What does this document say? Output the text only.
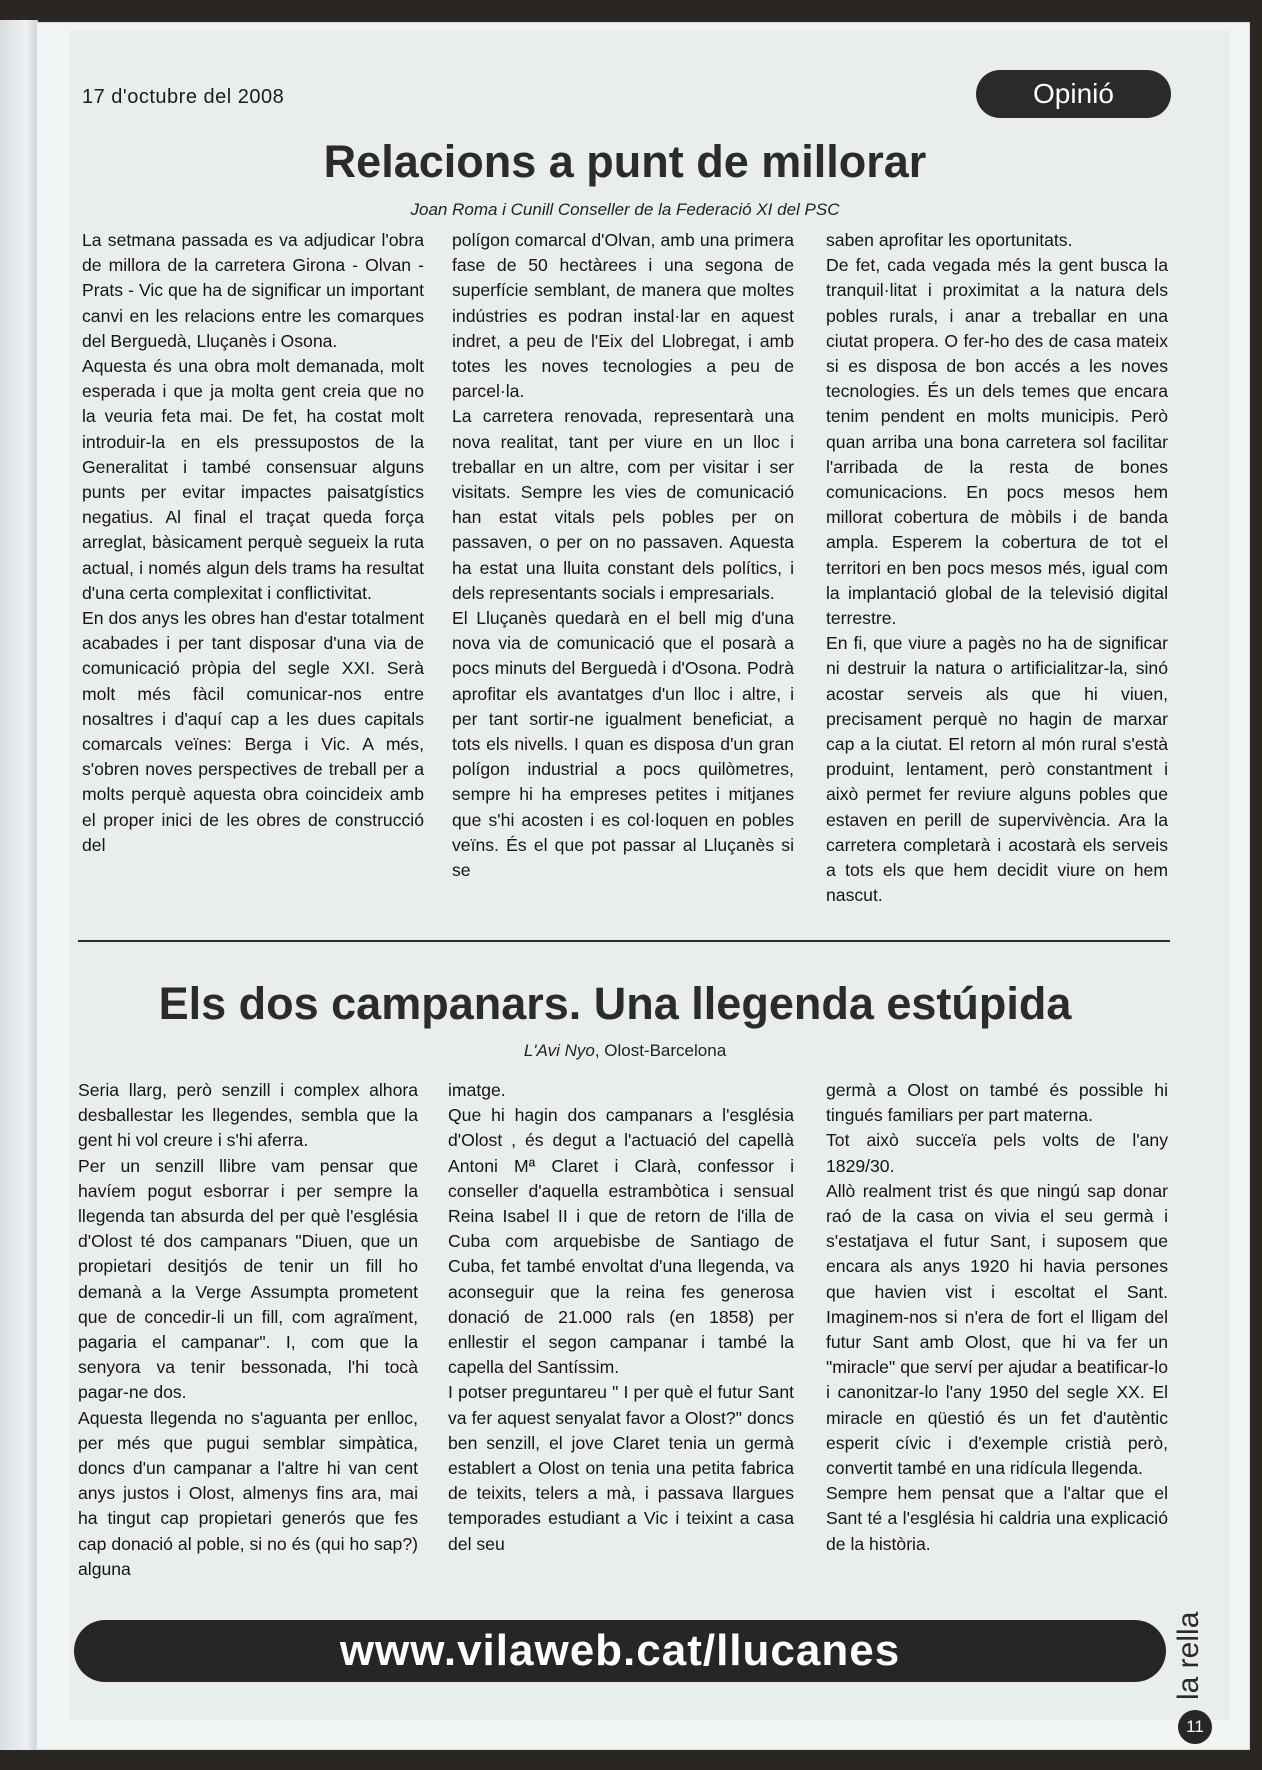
17 d'octubre del 2008	Opinió
Relacions a punt de millorar
Joan Roma i Cunill Conseller de la Federació XI del PSC

La setmana passada es va adjudicar l'obra de millora de la carretera Girona - Olvan - Prats - Vic que ha de significar un important canvi en les relacions entre les comarques del Berguedà, Lluçanès i Osona.

Aquesta és una obra molt demanada, molt esperada i que ja molta gent creia que no la veuria feta mai. De fet, ha costat molt introduir-la en els pressupostos de la Generalitat i també consensuar alguns punts per evitar impactes paisatgístics negatius. Al final el traçat queda força arreglat, bàsicament perquè segueix la ruta actual, i només algun dels trams ha resultat d'una certa complexitat i conflictivitat.

En dos anys les obres han d'estar totalment acabades i per tant disposar d'una via de comunicació pròpia del segle XXI. Serà molt més fàcil comunicar-nos entre nosaltres i d'aquí cap a les dues capitals comarcals veïnes: Berga i Vic. A més, s'obren noves perspectives de treball per a molts perquè aquesta obra coincideix amb el proper inici de les obres de construcció del

polígon comarcal d'Olvan, amb una primera fase de 50 hectàrees i una segona de superfície semblant, de manera que moltes indústries es podran instal·lar en aquest indret, a peu de l'Eix del Llobregat, i amb totes les noves tecnologies a peu de parcel·la.

La carretera renovada, representarà una nova realitat, tant per viure en un lloc i treballar en un altre, com per visitar i ser visitats. Sempre les vies de comunicació han estat vitals pels pobles per on passaven, o per on no passaven. Aquesta ha estat una lluita constant dels polítics, i dels representants socials i empresarials.

El Lluçanès quedarà en el bell mig d'una nova via de comunicació que el posarà a pocs minuts del Berguedà i d'Osona. Podrà aprofitar els avantatges d'un lloc i altre, i per tant sortir-ne igualment beneficiat, a tots els nivells. I quan es disposa d'un gran polígon industrial a pocs quilòmetres, sempre hi ha empreses petites i mitjanes que s'hi acosten i es col·loquen en pobles veïns. És el que pot passar al Lluçanès si se

saben aprofitar les oportunitats.

De fet, cada vegada més la gent busca la tranquil·litat i proximitat a la natura dels pobles rurals, i anar a treballar en una ciutat propera. O fer-ho des de casa mateix si es disposa de bon accés a les noves tecnologies. És un dels temes que encara tenim pendent en molts municipis. Però quan arriba una bona carretera sol facilitar l'arribada de la resta de bones comunicacions. En pocs mesos hem millorat cobertura de mòbils i de banda ampla. Esperem la cobertura de tot el territori en ben pocs mesos més, igual com la implantació global de la televisió digital terrestre.

En fi, que viure a pagès no ha de significar ni destruir la natura o artificialitzar-la, sinó acostar serveis als que hi viuen, precisament perquè no hagin de marxar cap a la ciutat. El retorn al món rural s'està produint, lentament, però constantment i això permet fer reviure alguns pobles que estaven en perill de supervivència. Ara la carretera completarà i acostarà els serveis a tots els que hem decidit viure on hem nascut.

Els dos campanars. Una llegenda estúpida
L'Avi Nyo, Olost-Barcelona

Seria llarg, però senzill i complex alhora desballestar les llegendes, sembla que la gent hi vol creure i s'hi aferra.

Per un senzill llibre vam pensar que havíem pogut esborrar i per sempre la llegenda tan absurda del per què l'església d'Olost té dos campanars "Diuen, que un propietari desitjós de tenir un fill ho demanà a la Verge Assumpta prometent que de concedir-li un fill, com agraïment, pagaria el campanar". I, com que la senyora va tenir bessonada, l'hi tocà pagar-ne dos.

Aquesta llegenda no s'aguanta per enlloc, per més que pugui semblar simpàtica, doncs d'un campanar a l'altre hi van cent anys justos i Olost, almenys fins ara, mai ha tingut cap propietari generós que fes cap donació al poble, si no és (qui ho sap?) alguna

imatge.

Que hi hagin dos campanars a l'església d'Olost , és degut a l'actuació del capellà Antoni Mª Claret i Clarà, confessor i conseller d'aquella estrambòtica i sensual Reina Isabel II i que de retorn de l'illa de Cuba com arquebisbe de Santiago de Cuba, fet també envoltat d'una llegenda, va aconseguir que la reina fes generosa donació de 21.000 rals (en 1858) per enllestir el segon campanar i també la capella del Santíssim.

I potser preguntareu " I per què el futur Sant va fer aquest senyalat favor a Olost?" doncs ben senzill, el jove Claret tenia un germà establert a Olost on tenia una petita fabrica de teixits, telers a mà, i passava llargues temporades estudiant a Vic i teixint a casa del seu

germà a Olost on també és possible hi tingués familiars per part materna.

Tot això succeïa pels volts de l'any 1829/30.

Allò realment trist és que ningú sap donar raó de la casa on vivia el seu germà i s'estatjava el futur Sant, i suposem que encara als anys 1920 hi havia persones que havien vist i escoltat el Sant. Imaginem-nos si n'era de fort el lligam del futur Sant amb Olost, que hi va fer un "miracle" que serví per ajudar a beatificar-lo i canonitzar-lo l'any 1950 del segle XX. El miracle en qüestió és un fet d'autèntic esperit cívic i d'exemple cristià però, convertit també en una ridícula llegenda.

Sempre hem pensat que a l'altar que el Sant té a l'església hi caldria una explicació de la història.

www.vilaweb.cat/llucanes	la rella
11
